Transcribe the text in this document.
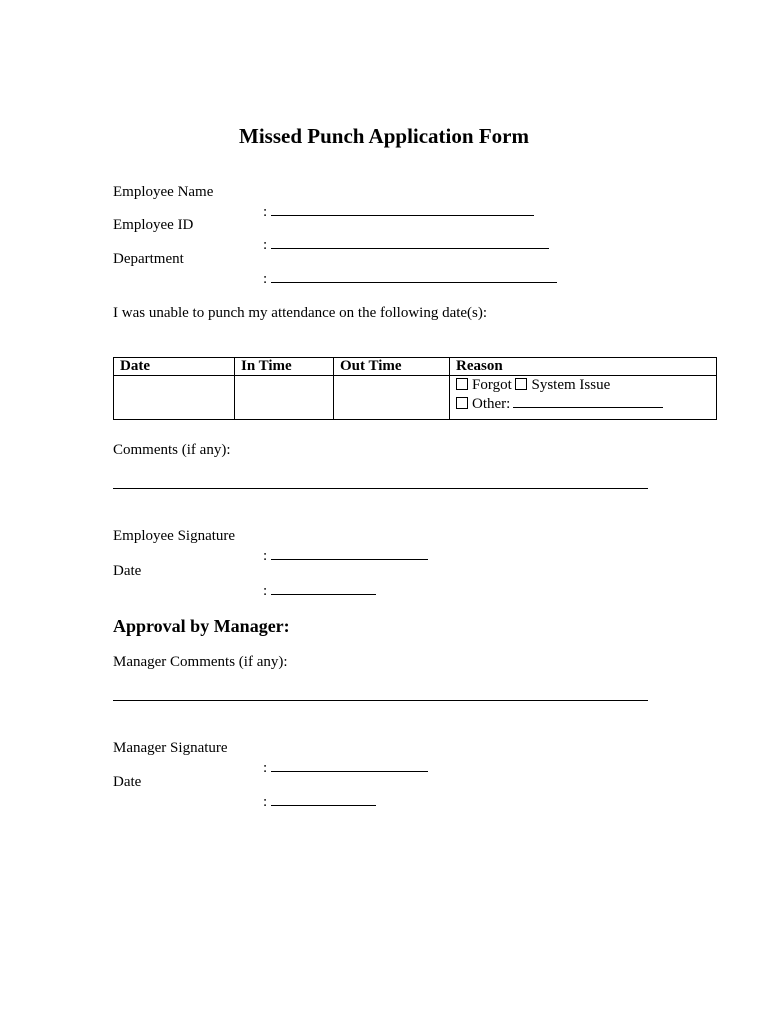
Missed Punch Application Form
Employee Name

:

Employee ID

:

Department

:

I was unable to punch my attendance on the following date(s):
Date	In Time	Out Time	Reason

			Forgot System Issue
Other:
Comments (if any):
Employee Signature

:

Date

:

Approval by Manager:
Manager Comments (if any):
Manager Signature

:

Date

:
